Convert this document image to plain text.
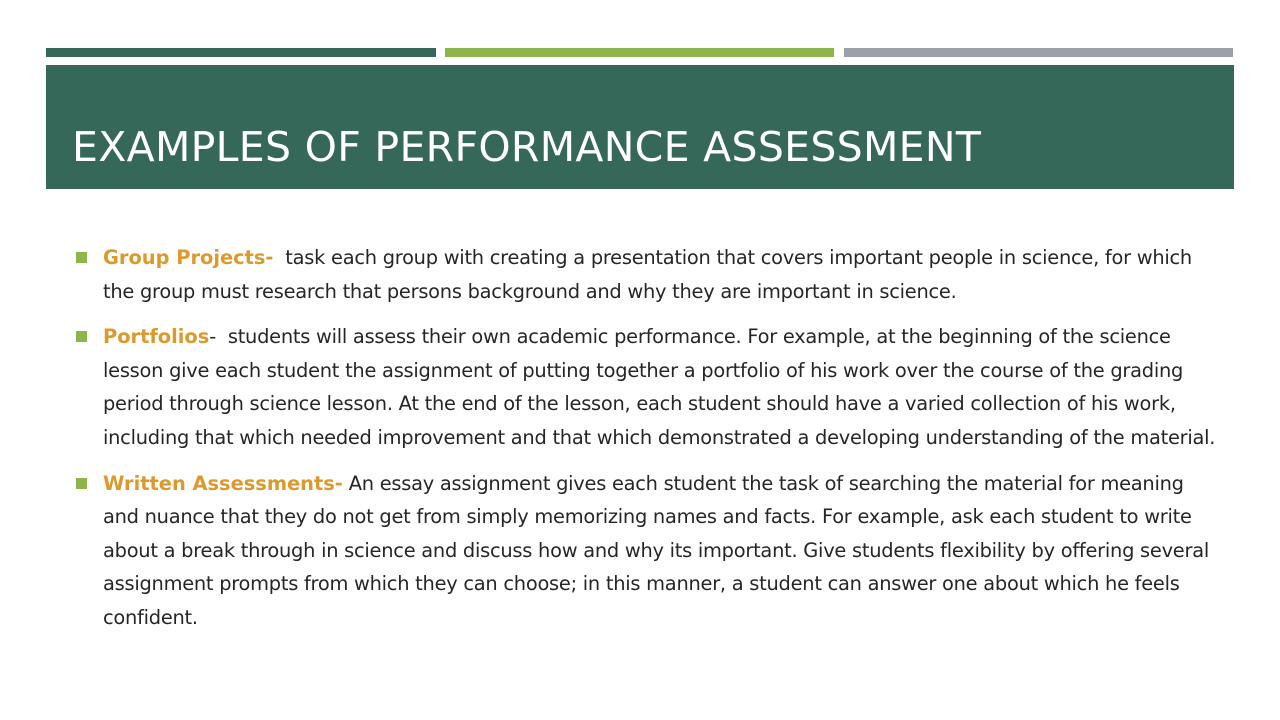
EXAMPLES OF PERFORMANCE ASSESSMENT
Group Projects-  task each group with creating a presentation that covers important people in science, for which the group must research that persons background and why they are important in science.
Portfolios-  students will assess their own academic performance. For example, at the beginning of the science lesson give each student the assignment of putting together a portfolio of his work over the course of the grading period through science lesson. At the end of the lesson, each student should have a varied collection of his work, including that which needed improvement and that which demonstrated a developing understanding of the material.
Written Assessments- An essay assignment gives each student the task of searching the material for meaning and nuance that they do not get from simply memorizing names and facts. For example, ask each student to write about a break through in science and discuss how and why its important. Give students flexibility by offering several assignment prompts from which they can choose; in this manner, a student can answer one about which he feels confident.
